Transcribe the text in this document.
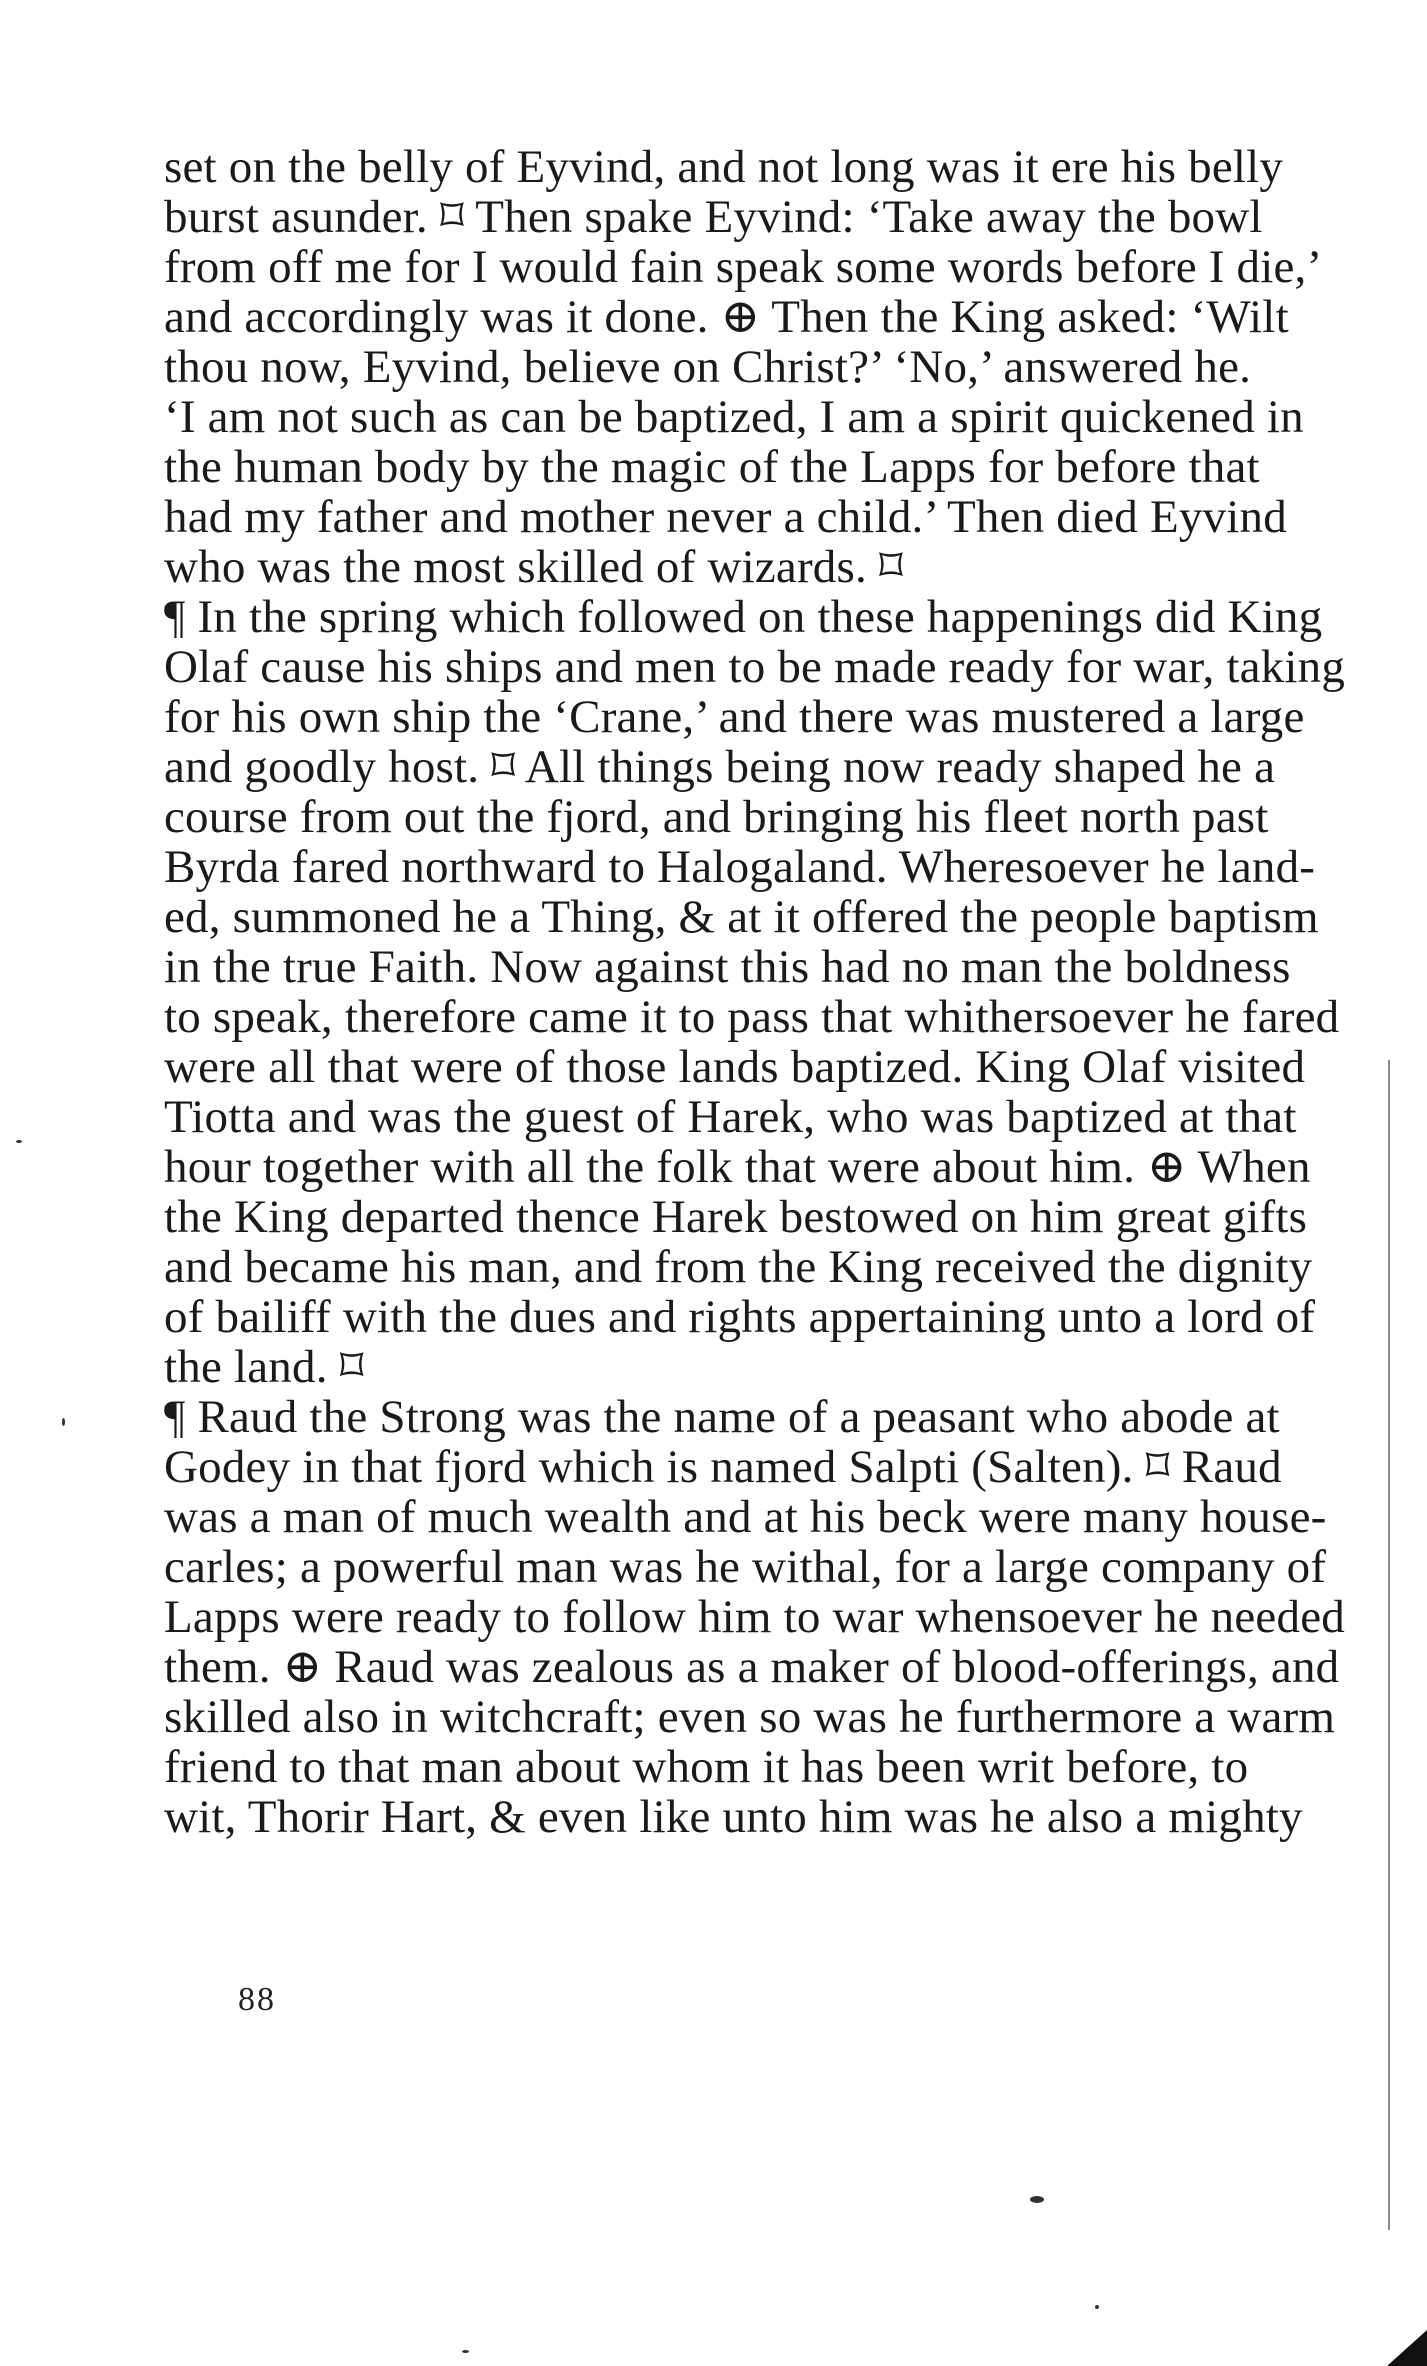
set on the belly of Eyvind, and not long was it ere his belly
burst asunder. ⌑ Then spake Eyvind: ‘Take away the bowl
from off me for I would fain speak some words before I die,’
and accordingly was it done. ⊕ Then the King asked: ‘Wilt
thou now, Eyvind, believe on Christ?’ ‘No,’ answered he.
‘I am not such as can be baptized, I am a spirit quickened in
the human body by the magic of the Lapps for before that
had my father and mother never a child.’ Then died Eyvind
who was the most skilled of wizards. ⌑
¶ In the spring which followed on these happenings did King
Olaf cause his ships and men to be made ready for war, taking
for his own ship the ‘Crane,’ and there was mustered a large
and goodly host. ⌑ All things being now ready shaped he a
course from out the fjord, and bringing his fleet north past
Byrda fared northward to Halogaland. Wheresoever he land-
ed, summoned he a Thing, & at it offered the people baptism
in the true Faith. Now against this had no man the boldness
to speak, therefore came it to pass that whithersoever he fared
were all that were of those lands baptized. King Olaf visited
Tiotta and was the guest of Harek, who was baptized at that
hour together with all the folk that were about him. ⊕ When
the King departed thence Harek bestowed on him great gifts
and became his man, and from the King received the dignity
of bailiff with the dues and rights appertaining unto a lord of
the land. ⌑
¶ Raud the Strong was the name of a peasant who abode at
Godey in that fjord which is named Salpti (Salten). ⌑ Raud
was a man of much wealth and at his beck were many house-
carles; a powerful man was he withal, for a large company of
Lapps were ready to follow him to war whensoever he needed
them. ⊕ Raud was zealous as a maker of blood-offerings, and
skilled also in witchcraft; even so was he furthermore a warm
friend to that man about whom it has been writ before, to
wit, Thorir Hart, & even like unto him was he also a mighty
88
